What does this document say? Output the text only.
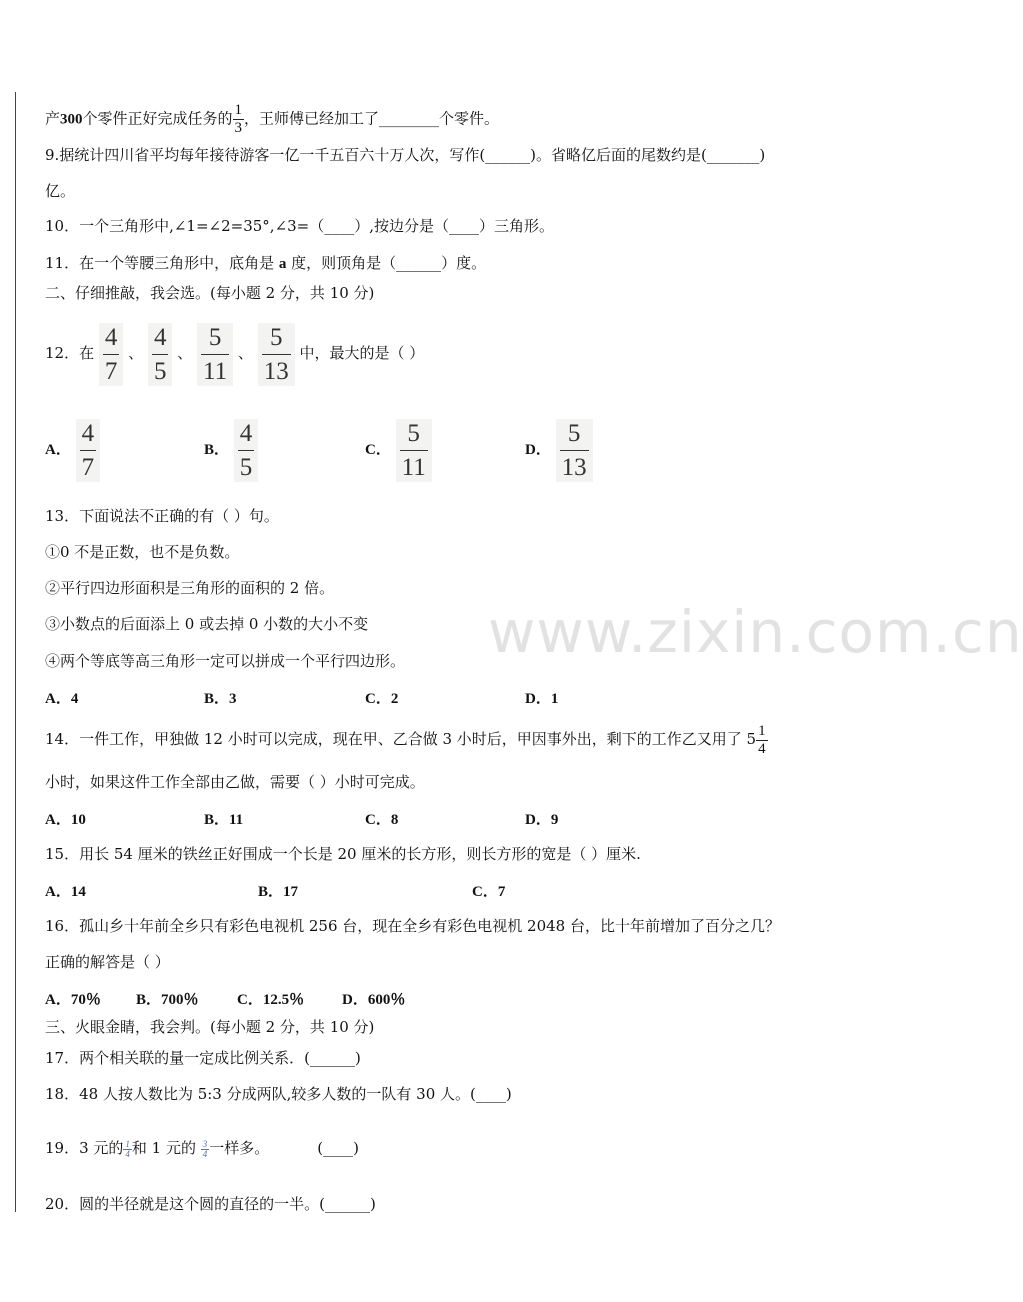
www.zixin.com.cn
产300个零件正好完成任务的 $\frac{1}{3}$ ，王师傅已经加工了________个零件。
9.据统计四川省平均每年接待游客一亿一千五百六十万人次，写作(______)。省略亿后面的尾数约是(_______)
亿。
10．一个三角形中,∠1=∠2=35°,∠3=（____）,按边分是（____）三角形。
11．在一个等腰三角形中，底角是 a 度，则顶角是（______）度。
二、仔细推敲，我会选。(每小题 2 分，共 10 分)
12．在 $\frac{4}{7}$ 、 $\frac{4}{5}$ 、 $\frac{5}{11}$ 、 $\frac{5}{13}$ 中，最大的是（ ）
A． $\frac{4}{7}$	B． $\frac{4}{5}$	C． $\frac{5}{11}$	D． $\frac{5}{13}$
13．下面说法不正确的有（ ）句。
①0 不是正数，也不是负数。
②平行四边形面积是三角形的面积的 2 倍。
③小数点的后面添上 0 或去掉 0 小数的大小不变
④两个等底等高三角形一定可以拼成一个平行四边形。
A．4	B．3	C．2	D．1
14．一件工作，甲独做 12 小时可以完成，现在甲、乙合做 3 小时后，甲因事外出，剩下的工作乙又用了 $5 \frac{1}{4}$
小时，如果这件工作全部由乙做，需要（ ）小时可完成。
A．10	B．11	C．8	D．9
15．用长 54 厘米的铁丝正好围成一个长是 20 厘米的长方形，则长方形的宽是（ ）厘米.
A．14	B．17	C．7
16．孤山乡十年前全乡只有彩色电视机 256 台，现在全乡有彩色电视机 2048 台，比十年前增加了百分之几？
正确的解答是（ ）
A．70％ B．700％	C．12.5％	D．600％
三、火眼金睛，我会判。(每小题 2 分，共 10 分)
17．两个相关联的量一定成比例关系．(______)
18．48 人按人数比为 5:3 分成两队,较多人数的一队有 30 人。(____)
19．3 元的 $\frac{1}{4}$ 和 1 元的 $\frac{3}{4}$ 一样多。	(____)
20．圆的半径就是这个圆的直径的一半。(______)
